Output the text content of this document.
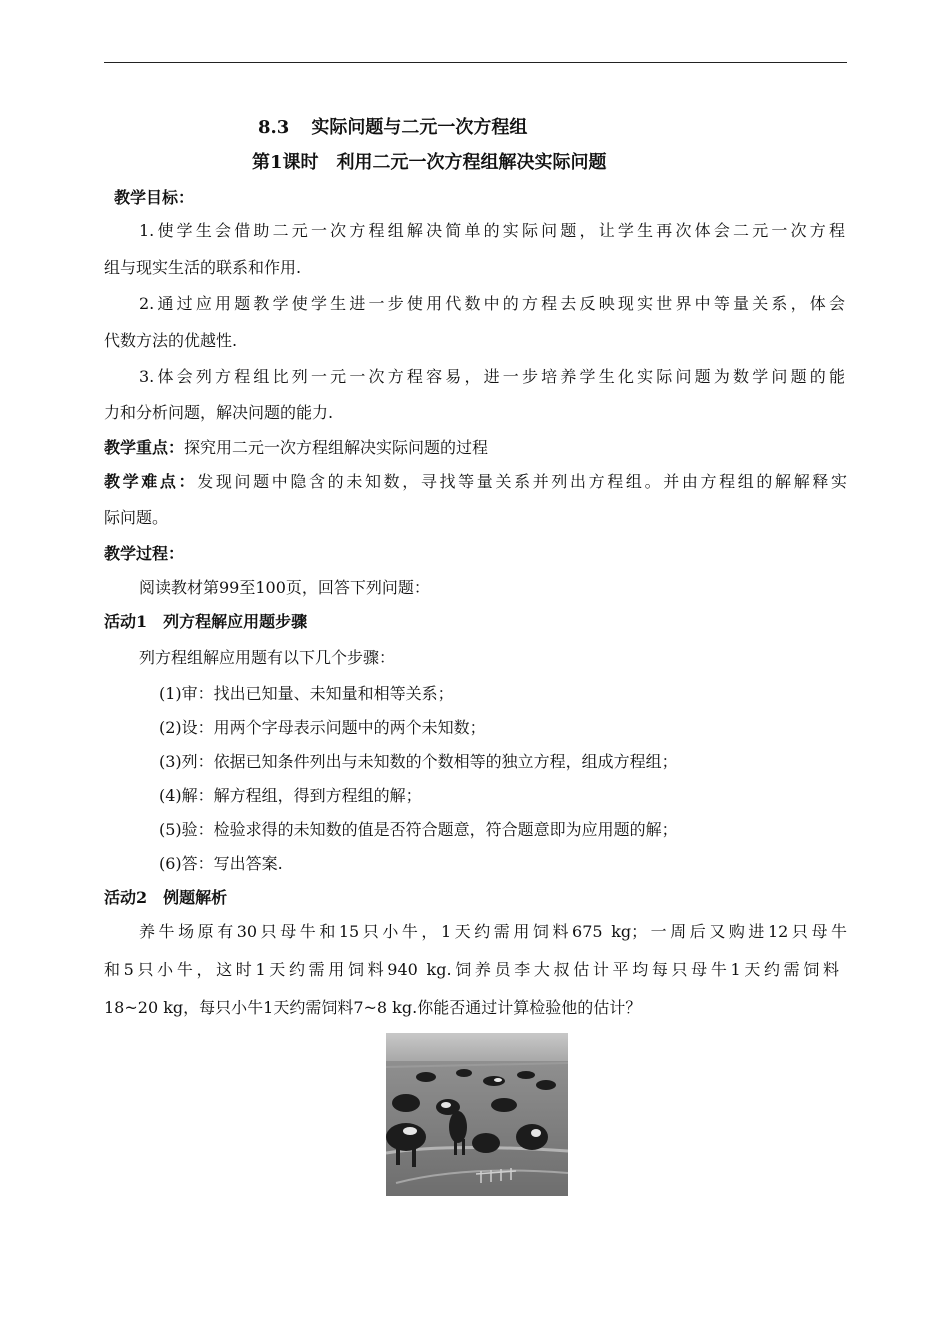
8.3 实际问题与二元一次方程组
第1课时　利用二元一次方程组解决实际问题
教学目标：
1.使学生会借助二元一次方程组解决简单的实际问题，让学生再次体会二元一次方程
组与现实生活的联系和作用.
2.通过应用题教学使学生进一步使用代数中的方程去反映现实世界中等量关系，体会
代数方法的优越性.
3.体会列方程组比列一元一次方程容易，进一步培养学生化实际问题为数学问题的能
力和分析问题，解决问题的能力.
教学重点：探究用二元一次方程组解决实际问题的过程
教学难点：发现问题中隐含的未知数，寻找等量关系并列出方程组。并由方程组的解解释实
际问题。
教学过程：
阅读教材第99至100页，回答下列问题：
活动1　列方程解应用题步骤
列方程组解应用题有以下几个步骤：
(1)审：找出已知量、未知量和相等关系；
(2)设：用两个字母表示问题中的两个未知数；
(3)列：依据已知条件列出与未知数的个数相等的独立方程，组成方程组；
(4)解：解方程组，得到方程组的解；
(5)验：检验求得的未知数的值是否符合题意，符合题意即为应用题的解；
(6)答：写出答案.
活动2　例题解析
养牛场原有30只母牛和15只小牛，1天约需用饲料675 kg；一周后又购进12只母牛
和5只小牛，这时1天约需用饲料940 kg.饲养员李大叔估计平均每只母牛1天约需饲料
18~20 kg，每只小牛1天约需饲料7~8 kg.你能否通过计算检验他的估计？
